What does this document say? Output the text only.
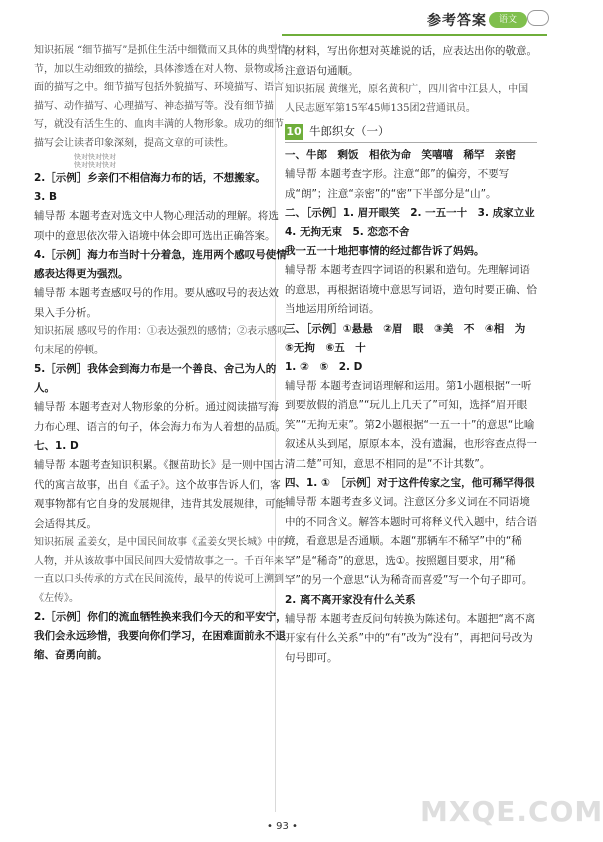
参考答案	语文

知识拓展 “细节描写”是抓住生活中细微而又具体的典型情节，加以生动细致的描绘，具体渗透在对人物、景物或场面的描写之中。细节描写包括外貌描写、环境描写、语言描写、动作描写、心理描写、神态描写等。没有细节描写，就没有活生生的、血肉丰满的人物形象。成功的细节描写会让读者印象深刻，提高文章的可读性。

快对快对快对
快对快对快对

2.［示例］乡亲们不相信海力布的话，不想搬家。

3. B

辅导帮 本题考查对选文中人物心理活动的理解。将选项中的意思依次带入语境中体会即可选出正确答案。

4.［示例］海力布当时十分着急，连用两个感叹号使情感表达得更为强烈。

辅导帮 本题考查感叹号的作用。要从感叹号的表达效果入手分析。

知识拓展 感叹号的作用：①表达强烈的感情；②表示感叹句末尾的停顿。

5.［示例］我体会到海力布是一个善良、舍己为人的人。

辅导帮 本题考查对人物形象的分析。通过阅读描写海力布心理、语言的句子，体会海力布为人着想的品质。

七、1. D

辅导帮 本题考查知识积累。《揠苗助长》是一则中国古代的寓言故事，出自《孟子》。这个故事告诉人们，客观事物都有它自身的发展规律，违背其发展规律，可能会适得其反。

知识拓展 孟姜女，是中国民间故事《孟姜女哭长城》中的人物，并从该故事中国民间四大爱情故事之一。千百年来一直以口头传承的方式在民间流传，最早的传说可上溯到《左传》。

2.［示例］你们的流血牺牲换来我们今天的和平安宁，我们会永远珍惜，我要向你们学习，在困难面前永不退缩、奋勇向前。

的材料，写出你想对英雄说的话，应表达出你的敬意。注意语句通顺。

知识拓展 黄继光，原名黄积广，四川省中江县人，中国人民志愿军第15军45师135团2营通讯员。

10 牛郎织女（一）

一、牛郎　剩饭　相依为命　笑嘻嘻　稀罕　亲密

辅导帮 本题考查字形。注意“郎”的偏旁，不要写成“朗”；注意“亲密”的“密”下半部分是“山”。

二、［示例］1. 眉开眼笑　2. 一五一十　3. 成家立业

4. 无拘无束　5. 恋恋不舍

我一五一十地把事情的经过都告诉了妈妈。

辅导帮 本题考查四字词语的积累和造句。先理解词语的意思，再根据语境中意思写词语，造句时要正确、恰当地运用所给词语。

三、［示例］①悬悬　②眉　眼　③美　不　④相　为

⑤无拘　⑥五　十

1. ②　⑤　2. D

辅导帮 本题考查词语理解和运用。第1小题根据“一听到要放假的消息”“玩儿上几天了”可知，选择“眉开眼笑”“无拘无束”。第2小题根据“一五一十”的意思“比喻叙述从头到尾，原原本本，没有遗漏，也形容查点得一清二楚”可知，意思不相同的是“不计其数”。

四、1. ①　［示例］对于这件传家之宝，他可稀罕得很

辅导帮 本题考查多义词。注意区分多义词在不同语境中的不同含义。解答本题时可将释义代入题中，结合语境，看意思是否通顺。本题“那辆车不稀罕”中的“稀罕”是“稀奇”的意思，选①。按照题目要求，用“稀罕”的另一个意思“认为稀奇而喜爱”写一个句子即可。

2. 离不离开家没有什么关系

辅导帮 本题考查反问句转换为陈述句。本题把“离不离开家有什么关系”中的“有”改为“没有”，再把问号改为句号即可。

• 93 •	MXQE.COM
